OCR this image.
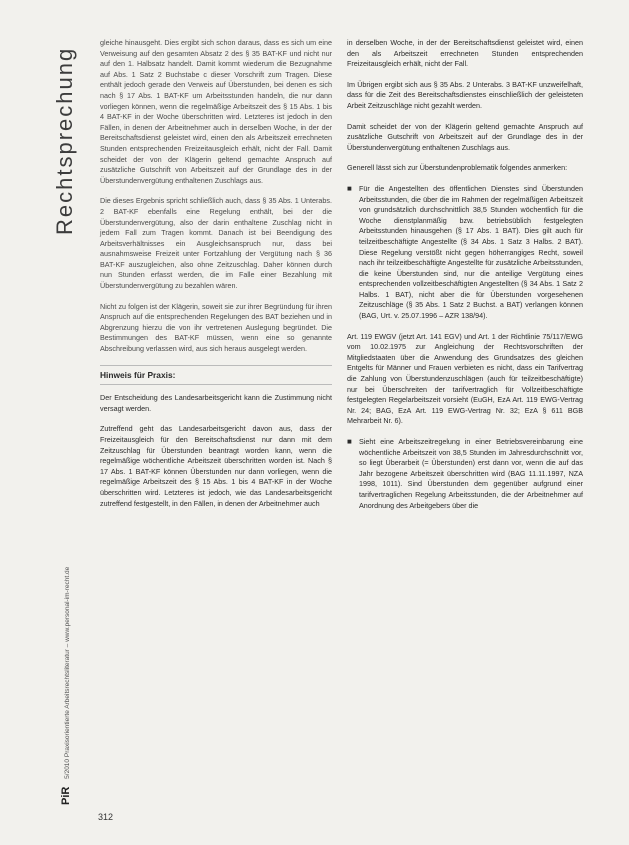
Rechtsprechung
PiR 5/2010 Praxisorientierte Arbeitsrechtsliteratur – www.personal-im-recht.de

gleiche hinausgeht. Dies ergibt sich schon daraus, dass es sich um eine Verweisung auf den gesamten Absatz 2 des § 35 BAT-KF und nicht nur auf den 1. Halbsatz handelt. Damit kommt wiederum die Bezugnahme auf Abs. 1 Satz 2 Buchstabe c dieser Vorschrift zum Tragen. Diese enthält jedoch gerade den Verweis auf Überstunden, bei denen es sich nach § 17 Abs. 1 BAT-KF um Arbeitsstunden handeln, die nur dann vorliegen können, wenn die regelmäßige Arbeitszeit des § 15 Abs. 1 bis 4 BAT-KF in der Woche überschritten wird. Letzteres ist jedoch in den Fällen, in denen der Arbeitnehmer auch in derselben Woche, in der der Bereitschaftsdienst geleistet wird, einen den als Arbeitszeit errechneten Stunden entsprechenden Freizeitausgleich erhält, nicht der Fall. Damit scheidet der von der Klägerin geltend gemachte Anspruch auf zusätzliche Gutschrift von Arbeitszeit auf der Grundlage des in der Überstundenvergütung enthaltenen Zuschlags aus.

Die dieses Ergebnis spricht schließlich auch, dass § 35 Abs. 1 Unterabs. 2 BAT-KF ebenfalls eine Regelung enthält, bei der die Überstundenvergütung, also der darin enthaltene Zuschlag nicht in jedem Fall zum Tragen kommt. Danach ist bei Beendigung des Arbeitsverhältnisses ein Ausgleichsanspruch nur, dass bei ausnahmsweise Freizeit unter Fortzahlung der Vergütung nach § 36 BAT-KF auszugleichen, also ohne Zeitzuschlag. Daher können durch nun Stunden erfasst werden, die im Falle einer Bezahlung mit Überstundenvergütung zu bezahlen wären.

Nicht zu folgen ist der Klägerin, soweit sie zur ihrer Begründung für ihren Anspruch auf die entsprechenden Regelungen des BAT beziehen und in Abgrenzung hierzu die von ihr vertretenen Auslegung begründet. Die Bestimmungen des BAT-KF müssen, wenn eine so genannte Abschreibung verlassen wird, aus sich heraus ausgelegt werden.

Hinweis für Praxis:

Der Entscheidung des Landesarbeitsgericht kann die Zustimmung nicht versagt werden.

Zutreffend geht das Landesarbeitsgericht davon aus, dass der Freizeitausgleich für den Bereitschaftsdienst nur dann mit dem Zeitzuschlag für Überstunden beantragt worden kann, wenn die regelmäßige wöchentliche Arbeitszeit überschritten worden ist. Nach § 17 Abs. 1 BAT-KF können Überstunden nur dann vorliegen, wenn die regelmäßige Arbeitszeit des § 15 Abs. 1 bis 4 BAT-KF in der Woche überschritten wird. Letzteres ist jedoch, wie das Landesarbeitsgericht zutreffend festgestellt, in den Fällen, in denen der Arbeitnehmer auch

in derselben Woche, in der der Bereitschaftsdienst geleistet wird, einen den als Arbeitszeit errechneten Stunden entsprechenden Freizeitausgleich erhält, nicht der Fall.

Im Übrigen ergibt sich aus § 35 Abs. 2 Unterabs. 3 BAT-KF unzweifelhaft, dass für die Zeit des Bereitschaftsdienstes einschließlich der geleisteten Arbeit Zeitzuschläge nicht gezahlt werden.

Damit scheidet der von der Klägerin geltend gemachte Anspruch auf zusätzliche Gutschrift von Arbeitszeit auf der Grundlage des in der Überstundenvergütung enthaltenen Zuschlags aus.

Generell lässt sich zur Überstundenproblematik folgendes anmerken:

■ Für die Angestellten des öffentlichen Dienstes sind Überstunden Arbeitsstunden, die über die im Rahmen der regelmäßigen Arbeitszeit von grundsätzlich durchschnittlich 38,5 Stunden wöchentlich für die Woche dienstplanmäßig bzw. betriebsüblich festgelegten Arbeitsstunden hinausgehen (§ 17 Abs. 1 BAT). Dies gilt auch für teilzeitbeschäftigte Angestellte (§ 34 Abs. 1 Satz 3 Halbs. 2 BAT). Diese Regelung verstößt nicht gegen höherrangiges Recht, soweil nach ihr teilzeitbeschäftigte Angestellte für zusätzliche Arbeitsstunden, die keine Überstunden sind, nur die anteilige Vergütung eines entsprechenden vollzeitbeschäftigten Angestellten (§ 34 Abs. 1 Satz 2 Halbs. 1 BAT), nicht aber die für Überstunden vorgesehenen Zeitzuschläge (§ 35 Abs. 1 Satz 2 Buchst. a BAT) verlangen können (BAG, Urt. v. 25.07.1996 – AZR 138/94).

Art. 119 EWGV (jetzt Art. 141 EGV) und Art. 1 der Richtlinie 75/117/EWG vom 10.02.1975 zur Angleichung der Rechtsvorschriften der Mitgliedstaaten über die Anwendung des Grundsatzes des gleichen Entgelts für Männer und Frauen verbieten es nicht, dass ein Tarifvertrag die Zahlung von Überstundenzuschlägen (auch für teilzeitbeschäftigte) nur bei Überschreiten der tarifvertraglich für Vollzeitbeschäftigte festgelegten Regelarbeitszeit vorsieht (EuGH, EzA Art. 119 EWG-Vertrag Nr. 24; BAG, EzA Art. 119 EWG-Vertrag Nr. 32; EzA § 611 BGB Mehrarbeit Nr. 6).

■ Sieht eine Arbeitszeitregelung in einer Betriebsvereinbarung eine wöchentliche Arbeitszeit von 38,5 Stunden im Jahresdurchschnitt vor, so liegt Überarbeit (= Überstunden) erst dann vor, wenn die auf das Jahr bezogene Arbeitszeit überschritten wird (BAG 11.11.1997, NZA 1998, 1011). Sind Überstunden dem gegenüber aufgrund einer tarifvertraglichen Regelung Arbeitsstunden, die der Arbeitnehmer auf Anordnung des Arbeitgebers über die
312
